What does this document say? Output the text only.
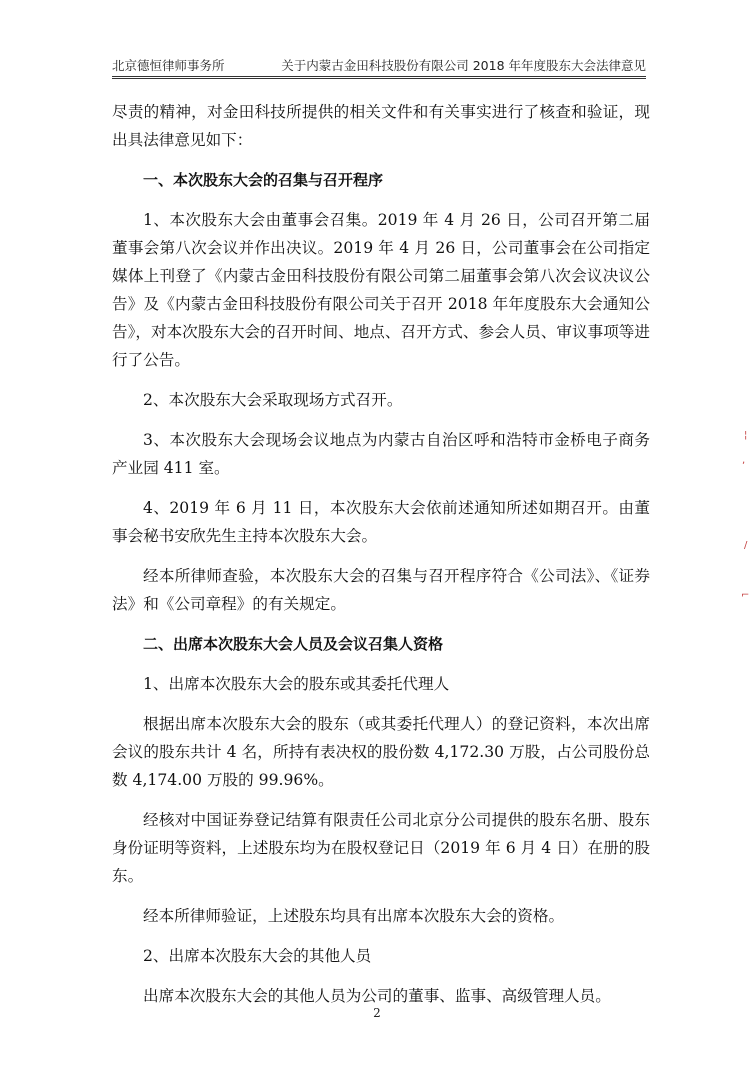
北京德恒律师事务所	关于内蒙古金田科技股份有限公司 2018 年年度股东大会法律意见

尽责的精神，对金田科技所提供的相关文件和有关事实进行了核查和验证，现出具法律意见如下：

一、本次股东大会的召集与召开程序

1、本次股东大会由董事会召集。2019 年 4 月 26 日，公司召开第二届董事会第八次会议并作出决议。2019 年 4 月 26 日，公司董事会在公司指定媒体上刊登了《内蒙古金田科技股份有限公司第二届董事会第八次会议决议公告》及《内蒙古金田科技股份有限公司关于召开 2018 年年度股东大会通知公告》，对本次股东大会的召开时间、地点、召开方式、参会人员、审议事项等进行了公告。

2、本次股东大会采取现场方式召开。

3、本次股东大会现场会议地点为内蒙古自治区呼和浩特市金桥电子商务产业园 411 室。

4、2019 年 6 月 11 日，本次股东大会依前述通知所述如期召开。由董事会秘书安欣先生主持本次股东大会。

经本所律师查验，本次股东大会的召集与召开程序符合《公司法》、《证券法》和《公司章程》的有关规定。

二、出席本次股东大会人员及会议召集人资格

1、出席本次股东大会的股东或其委托代理人

根据出席本次股东大会的股东（或其委托代理人）的登记资料，本次出席会议的股东共计 4 名，所持有表决权的股份数 4,172.30 万股，占公司股份总数 4,174.00 万股的 99.96%。

经核对中国证券登记结算有限责任公司北京分公司提供的股东名册、股东身份证明等资料，上述股东均为在股权登记日（2019 年 6 月 4 日）在册的股东。

经本所律师验证，上述股东均具有出席本次股东大会的资格。

2、出席本次股东大会的其他人员

出席本次股东大会的其他人员为公司的董事、监事、高级管理人员。

2
¦
,
/
⌐
